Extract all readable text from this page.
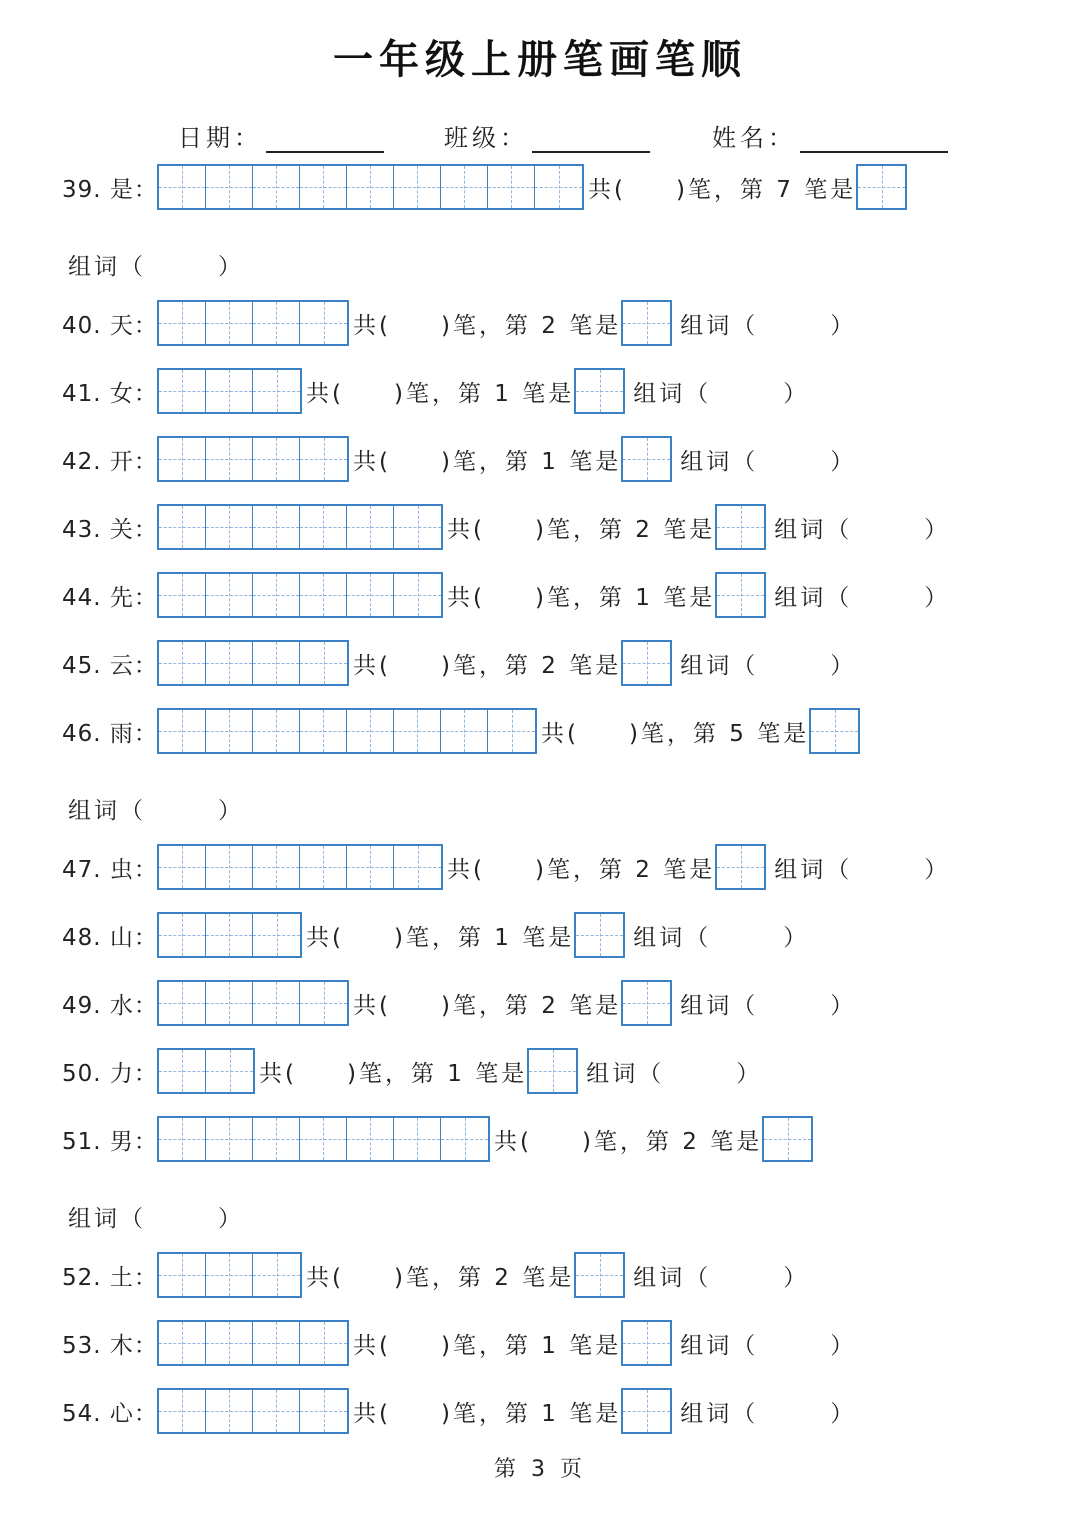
一年级上册笔画笔顺
日期：	班级：	姓名：
39. 是：	共( )笔，第 7 笔是
组词（	）
40. 天：	共( )笔，第 2 笔是	组词（	）
41. 女：	共( )笔，第 1 笔是	组词（	）
42. 开：	共( )笔，第 1 笔是	组词（	）
43. 关：	共( )笔，第 2 笔是	组词（	）
44. 先：	共( )笔，第 1 笔是	组词（	）
45. 云：	共( )笔，第 2 笔是	组词（	）
46. 雨：	共( )笔，第 5 笔是
组词（	）
47. 虫：	共( )笔，第 2 笔是	组词（	）
48. 山：	共( )笔，第 1 笔是	组词（	）
49. 水：	共( )笔，第 2 笔是	组词（	）
50. 力：	共( )笔，第 1 笔是	组词（	）
51. 男：	共( )笔，第 2 笔是
组词（	）
52. 土：	共( )笔，第 2 笔是	组词（	）
53. 木：	共( )笔，第 1 笔是	组词（	）
54. 心：	共( )笔，第 1 笔是	组词（	）
第 3 页
